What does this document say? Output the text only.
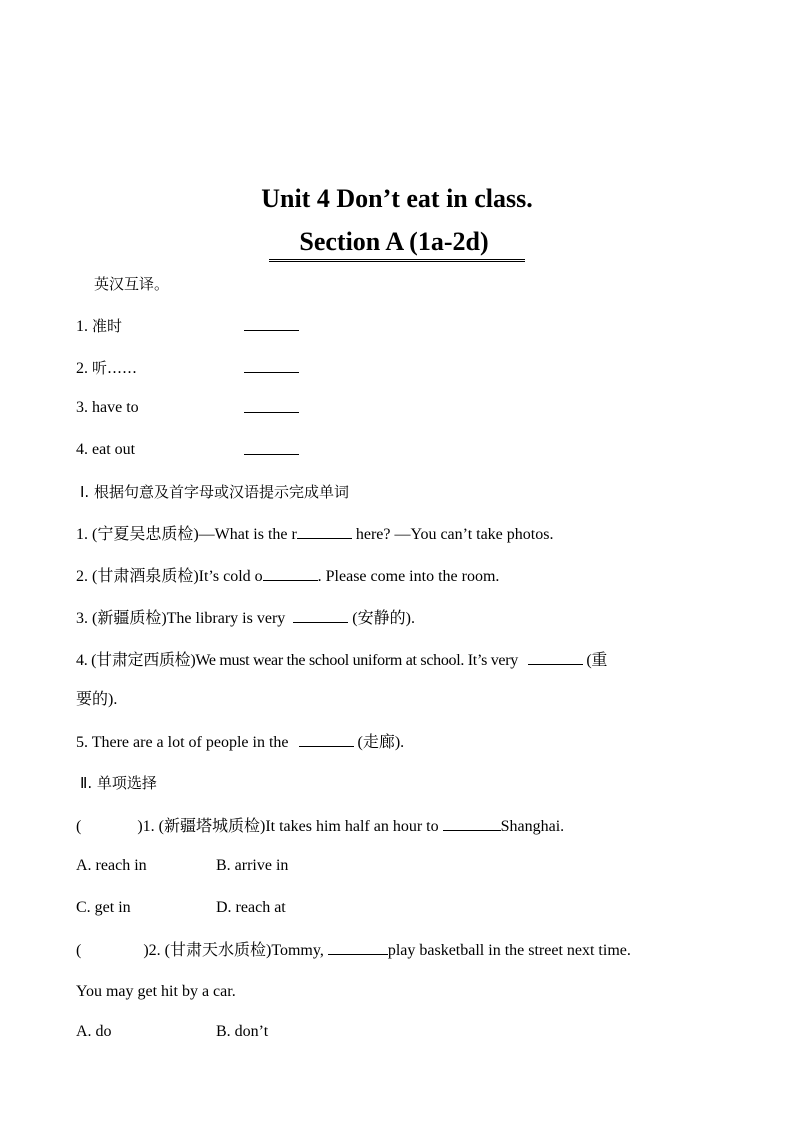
Unit 4 Don’t eat in class.
Section A (1a-2d)
英汉互译。
1. 准时
2. 听……
3. have to
4. eat out
Ⅰ. 根据句意及首字母或汉语提示完成单词
1. (宁夏吴忠质检)—What is the r	here? —You can’t take photos.
2. (甘肃酒泉质检)It’s cold o	. Please come into the room.
3. (新疆质检)The library is very	(安静的).
4. (甘肃定西质检)We must wear the school uniform at school. It’s very	(重
要的).
5. There are a lot of people in the	(走廊).
Ⅱ. 单项选择
(	)1. (新疆塔城质检)It takes him half an hour to	Shanghai.
A. reach in	B. arrive in
C. get in	D. reach at
(	)2. (甘肃天水质检)Tommy,	play basketball in the street next time.
You may get hit by a car.
A. do	B. don’t
